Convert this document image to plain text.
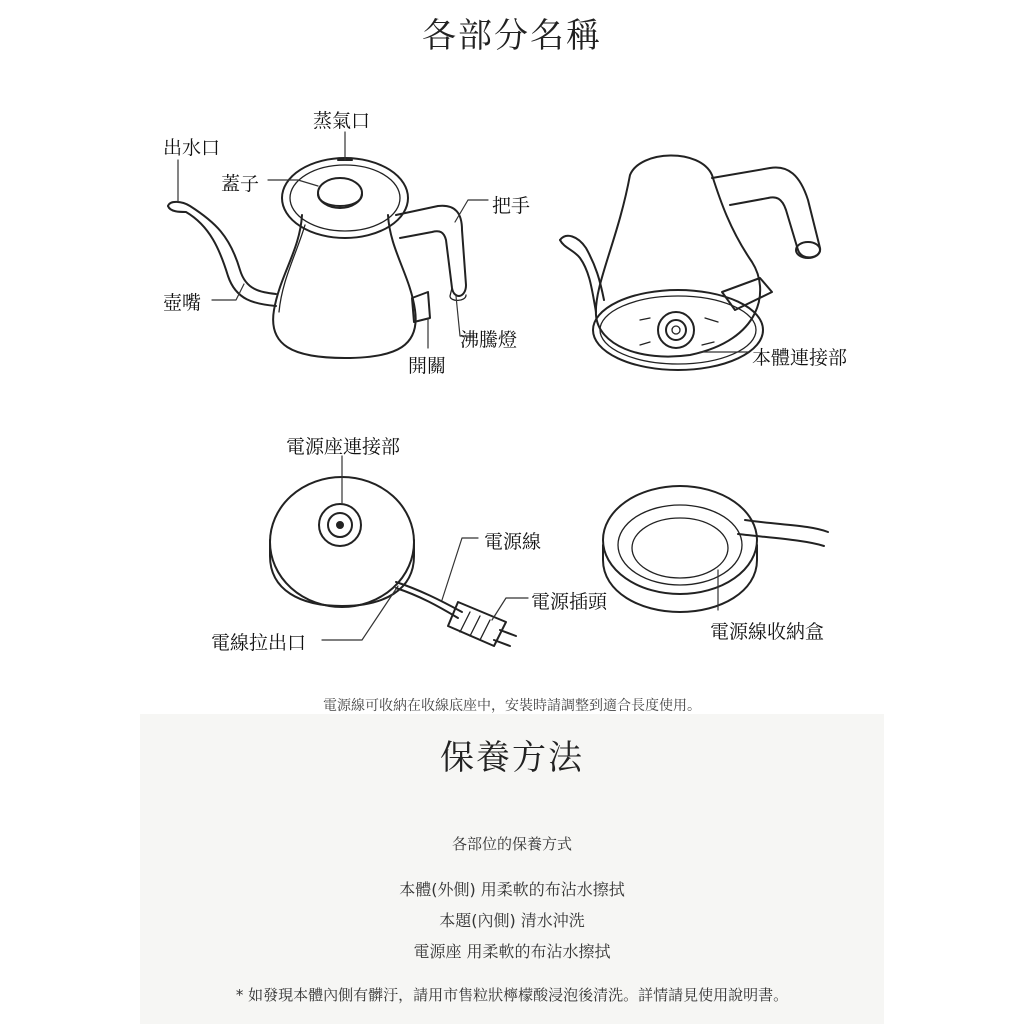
各部分名稱
蒸氣口
出水口
蓋子
把手
壺嘴
沸騰燈
開關	本體連接部
電源座連接部
電源線
電源插頭
電線拉出口	電源線收納盒
電源線可收納在收線底座中，安裝時請調整到適合長度使用。
保養方法
各部位的保養方式
本體(外側) 用柔軟的布沾水擦拭
本題(內側) 清水沖洗
電源座 用柔軟的布沾水擦拭
* 如發現本體內側有髒汙，請用市售粒狀檸檬酸浸泡後清洗。詳情請見使用說明書。
